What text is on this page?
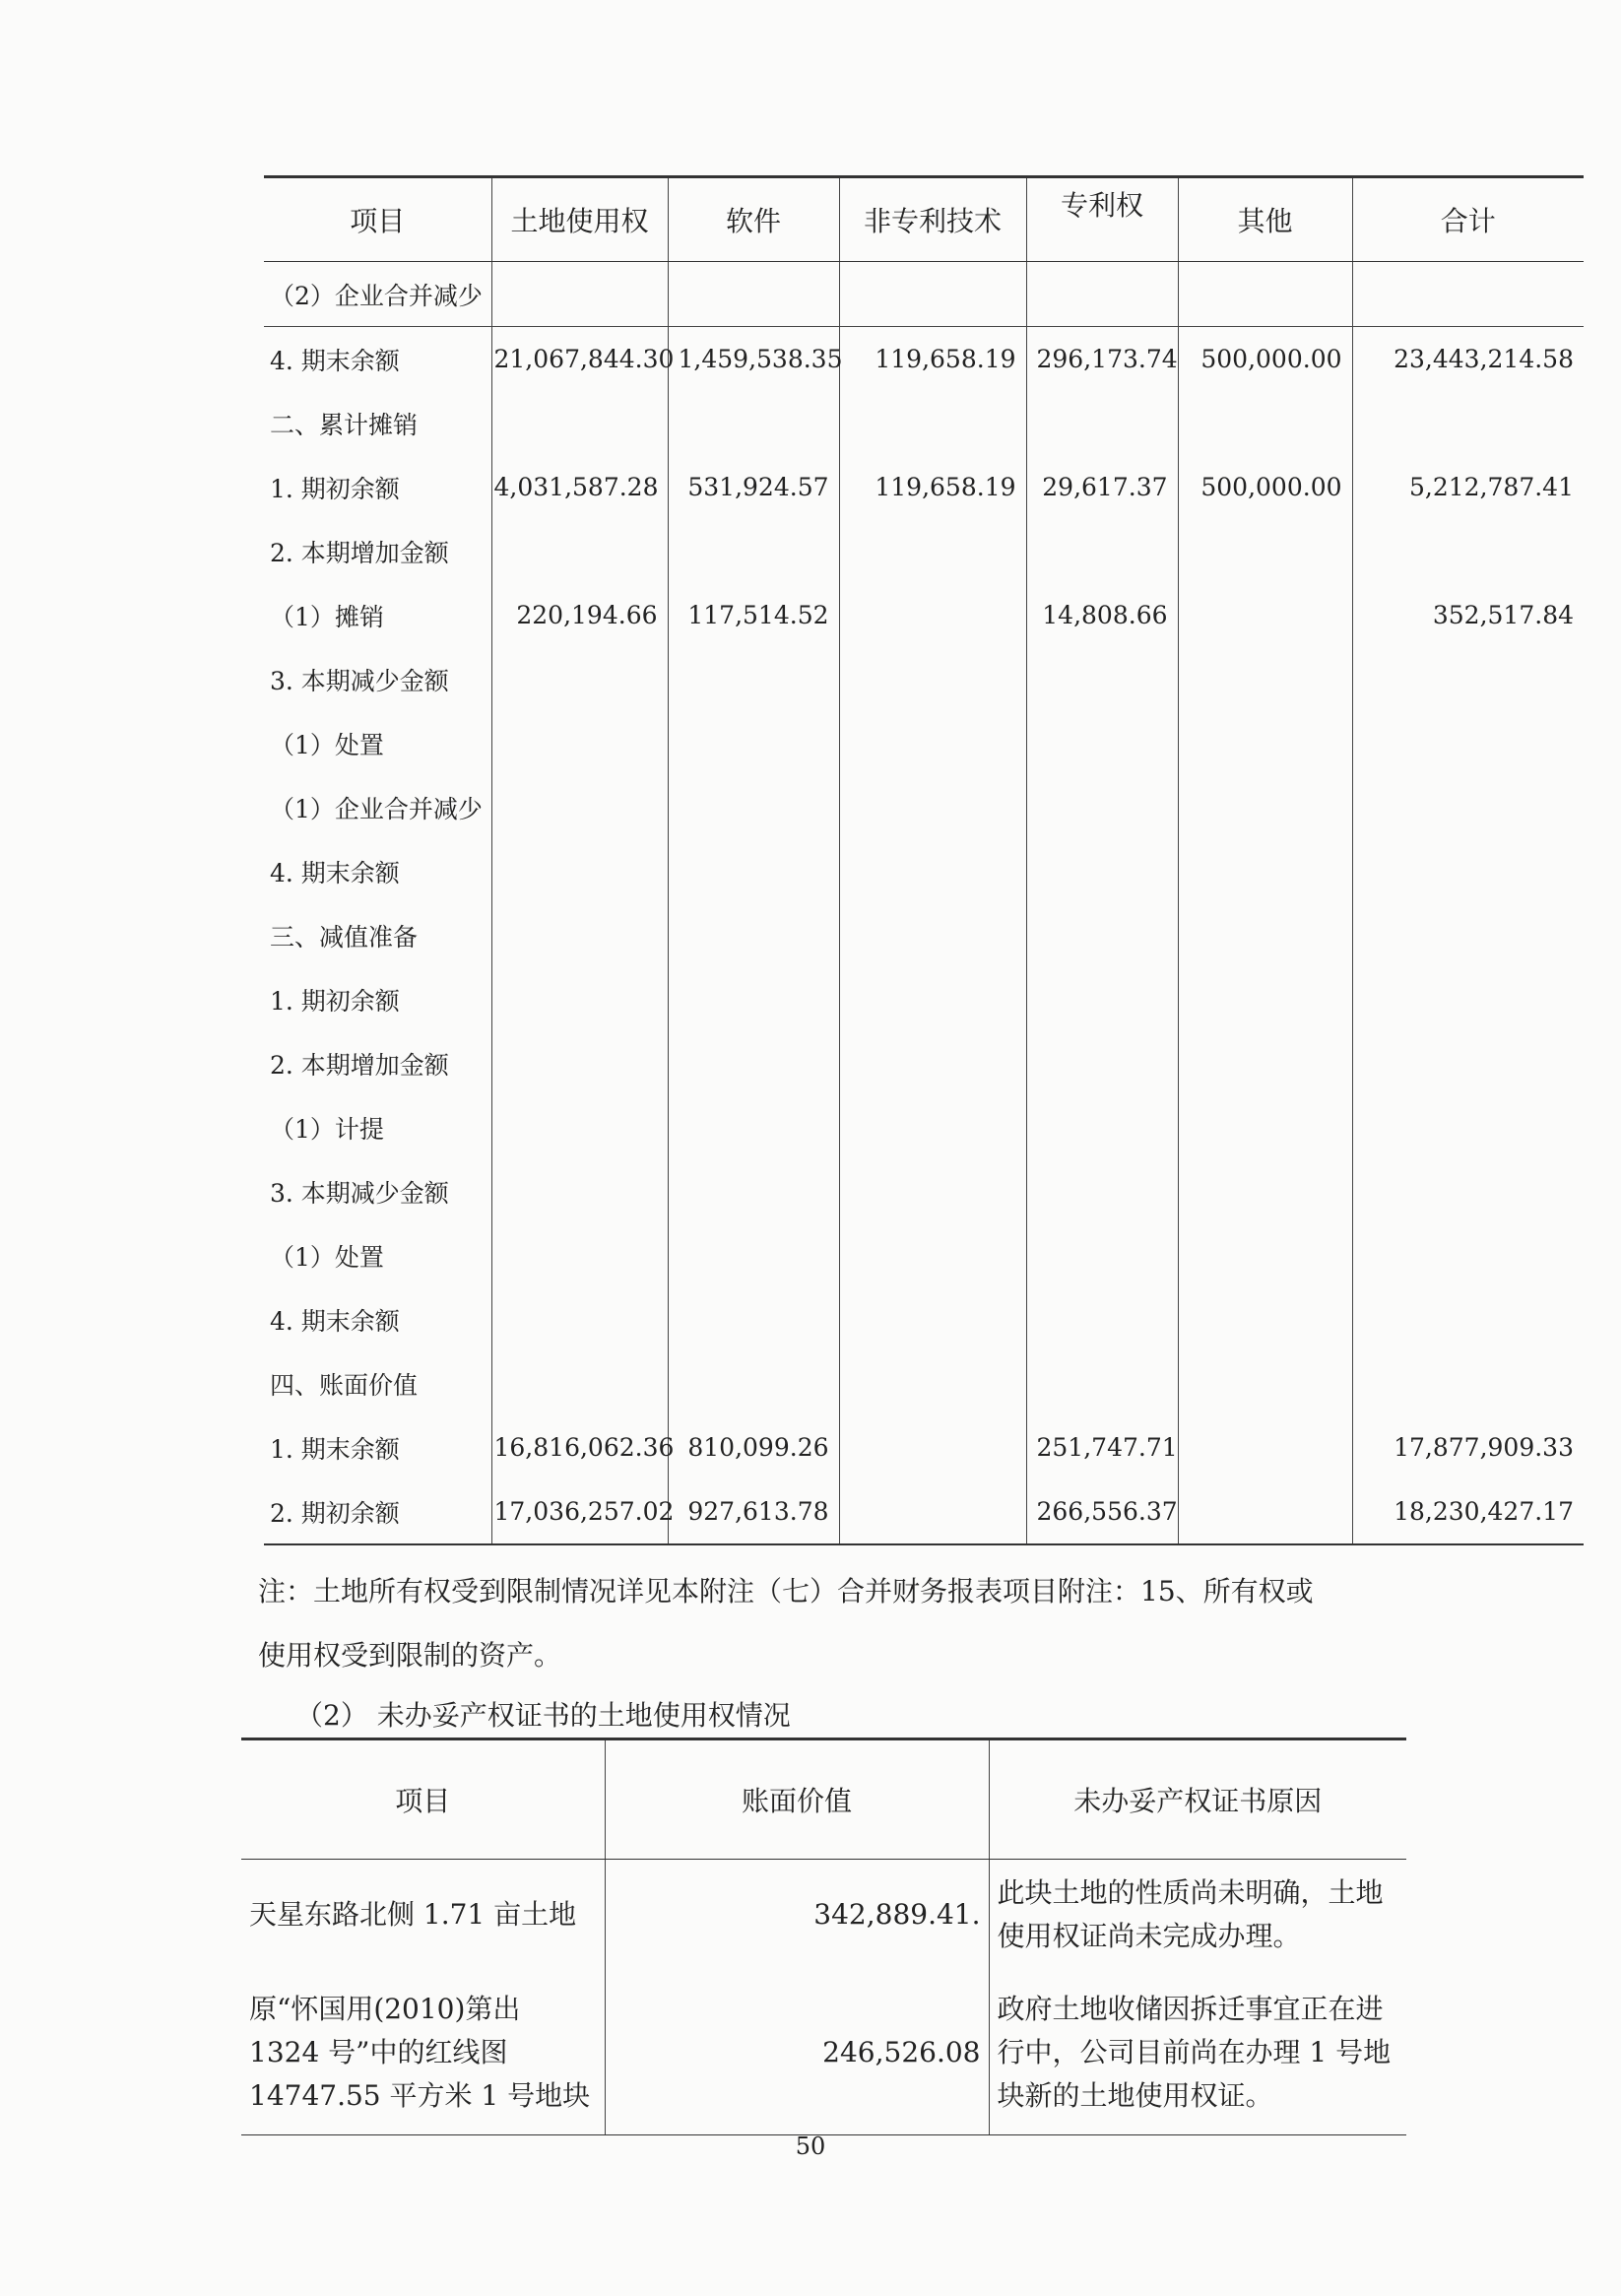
项目	土地使用权	软件	非专利技术	专利权	其他	合计
（2）企业合并减少						
4. 期末余额	21,067,844.30	1,459,538.35	119,658.19	296,173.74	500,000.00	23,443,214.58
二、累计摊销						
1. 期初余额	4,031,587.28	531,924.57	119,658.19	29,617.37	500,000.00	5,212,787.41
2. 本期增加金额						
（1）摊销	220,194.66	117,514.52		14,808.66		352,517.84
3. 本期减少金额						
（1）处置						
（1）企业合并减少						
4. 期末余额						
三、减值准备						
1. 期初余额						
2. 本期增加金额						
（1）计提						
3. 本期减少金额						
（1）处置						
4. 期末余额						
四、账面价值						
1. 期末余额	16,816,062.36	810,099.26		251,747.71		17,877,909.33
2. 期初余额	17,036,257.02	927,613.78		266,556.37		18,230,427.17
注：土地所有权受到限制情况详见本附注（七）合并财务报表项目附注：15、所有权或
使用权受到限制的资产。
（2） 未办妥产权证书的土地使用权情况
项目	账面价值	未办妥产权证书原因
天星东路北侧 1.71 亩土地	342,889.41.	此块土地的性质尚未明确，土地使用权证尚未完成办理。
原“怀国用(2010)第出 1324 号”中的红线图 14747.55 平方米 1 号地块	246,526.08	政府土地收储因拆迁事宜正在进行中，公司目前尚在办理 1 号地块新的土地使用权证。
50
